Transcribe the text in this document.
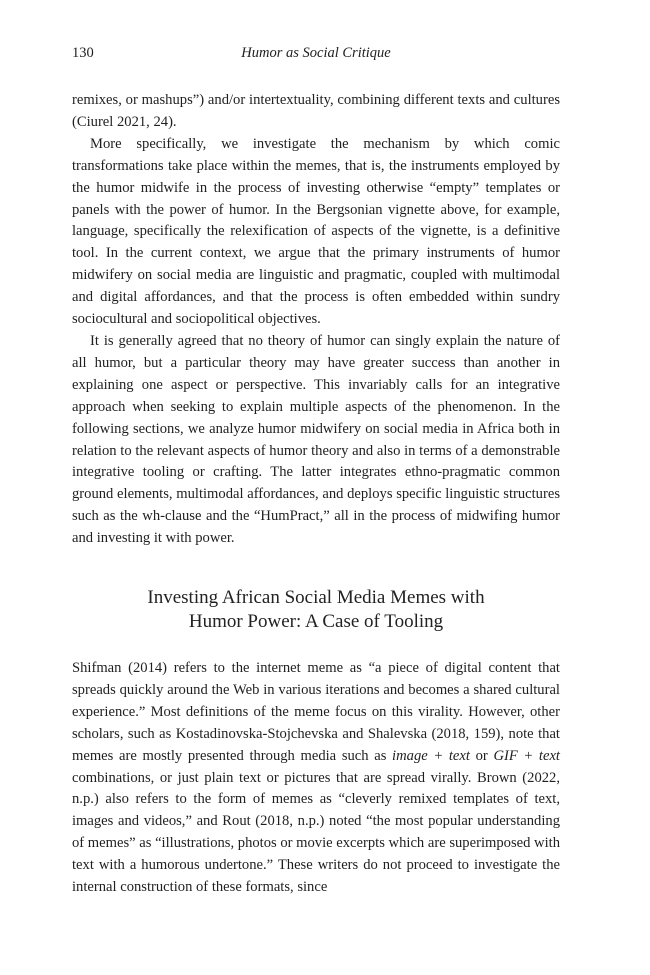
130	Humor as Social Critique

remixes, or mashups”) and/or intertextuality, combining different texts and cultures (Ciurel 2021, 24).

More specifically, we investigate the mechanism by which comic transformations take place within the memes, that is, the instruments employed by the humor midwife in the process of investing otherwise “empty” templates or panels with the power of humor. In the Bergsonian vignette above, for example, language, specifically the relexification of aspects of the vignette, is a definitive tool. In the current context, we argue that the primary instruments of humor midwifery on social media are linguistic and pragmatic, coupled with multimodal and digital affordances, and that the process is often embedded within sundry sociocultural and sociopolitical objectives.

It is generally agreed that no theory of humor can singly explain the nature of all humor, but a particular theory may have greater success than another in explaining one aspect or perspective. This invariably calls for an integrative approach when seeking to explain multiple aspects of the phenomenon. In the following sections, we analyze humor midwifery on social media in Africa both in relation to the relevant aspects of humor theory and also in terms of a demonstrable integrative tooling or crafting. The latter integrates ethno-pragmatic common ground elements, multimodal affordances, and deploys specific linguistic structures such as the wh-clause and the “HumPract,” all in the process of midwifing humor and investing it with power.

Investing African Social Media Memes with
Humor Power: A Case of Tooling

Shifman (2014) refers to the internet meme as “a piece of digital content that spreads quickly around the Web in various iterations and becomes a shared cultural experience.” Most definitions of the meme focus on this virality. However, other scholars, such as Kostadinovska-Stojchevska and Shalevska (2018, 159), note that memes are mostly presented through media such as image + text or GIF + text combinations, or just plain text or pictures that are spread virally. Brown (2022, n.p.) also refers to the form of memes as “cleverly remixed templates of text, images and videos,” and Rout (2018, n.p.) noted “the most popular understanding of memes” as “illustrations, photos or movie excerpts which are superimposed with text with a humorous undertone.” These writers do not proceed to investigate the internal construction of these formats, since
